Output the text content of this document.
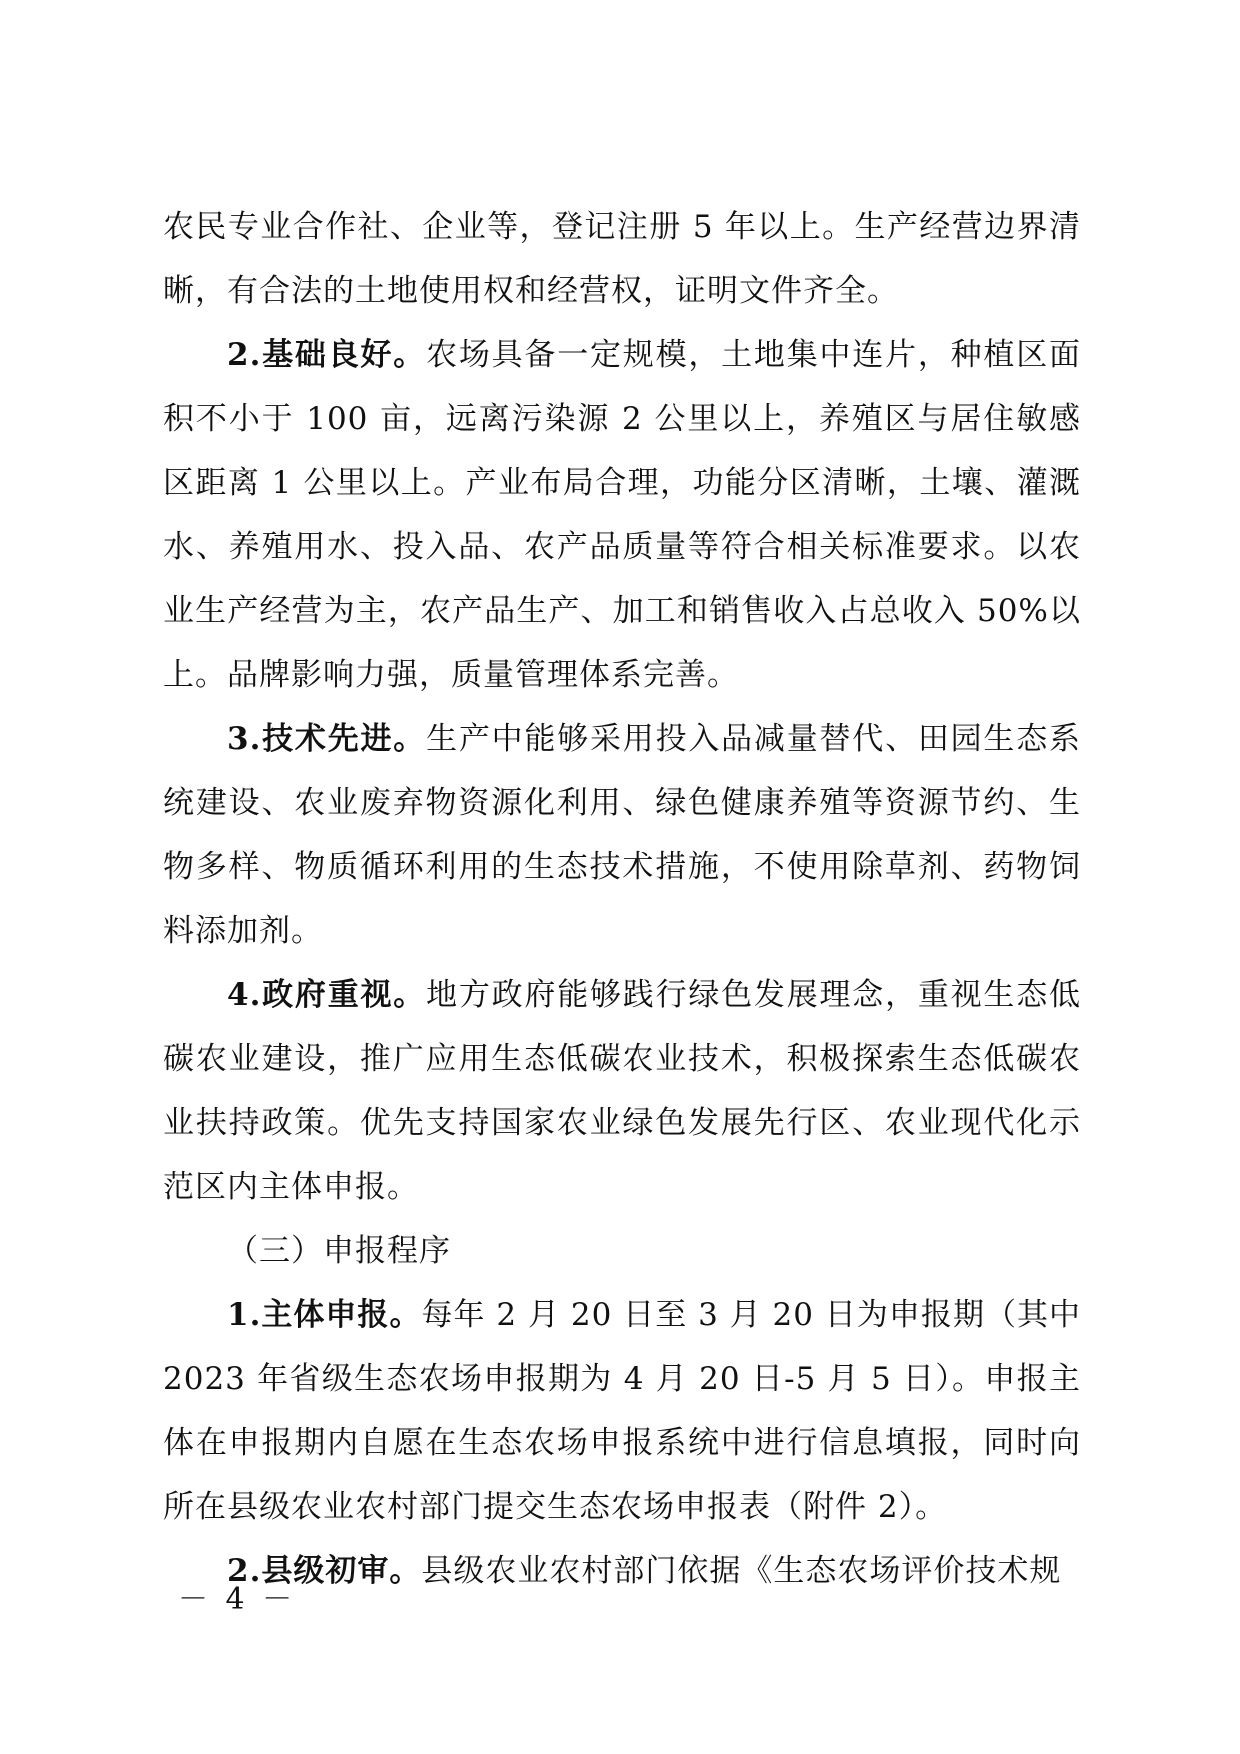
农民专业合作社、企业等，登记注册 5 年以上。生产经营边界清晰，有合法的土地使用权和经营权，证明文件齐全。

2.基础良好。农场具备一定规模，土地集中连片，种植区面积不小于 100 亩，远离污染源 2 公里以上，养殖区与居住敏感区距离 1 公里以上。产业布局合理，功能分区清晰，土壤、灌溉水、养殖用水、投入品、农产品质量等符合相关标准要求。以农业生产经营为主，农产品生产、加工和销售收入占总收入 50%以上。品牌影响力强，质量管理体系完善。

3.技术先进。生产中能够采用投入品减量替代、田园生态系统建设、农业废弃物资源化利用、绿色健康养殖等资源节约、生物多样、物质循环利用的生态技术措施，不使用除草剂、药物饲料添加剂。

4.政府重视。地方政府能够践行绿色发展理念，重视生态低碳农业建设，推广应用生态低碳农业技术，积极探索生态低碳农业扶持政策。优先支持国家农业绿色发展先行区、农业现代化示范区内主体申报。

（三）申报程序

1.主体申报。每年 2 月 20 日至 3 月 20 日为申报期（其中 2023 年省级生态农场申报期为 4 月 20 日-5 月 5 日）。申报主体在申报期内自愿在生态农场申报系统中进行信息填报，同时向所在县级农业农村部门提交生态农场申报表（附件 2）。

2.县级初审。县级农业农村部门依据《生态农场评价技术规

－ 4 －
